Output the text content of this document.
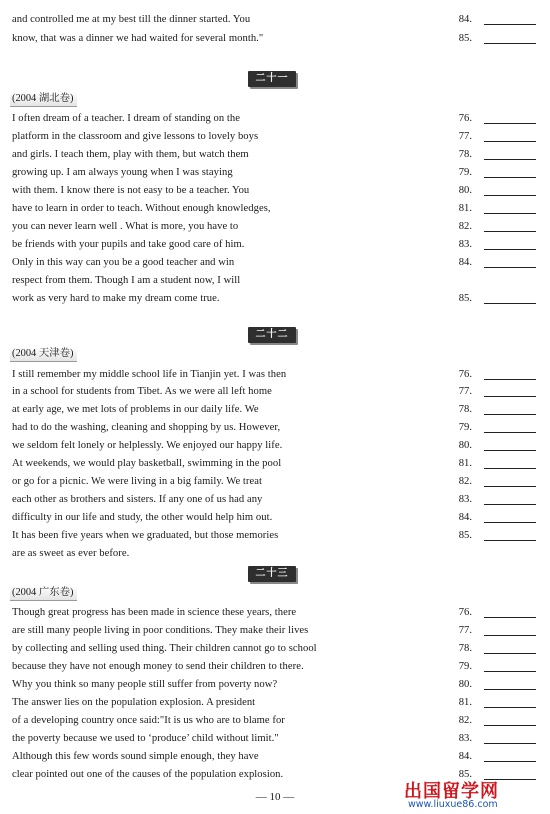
and controlled me at my best till the dinner started. You	84.
know, that was a dinner we had waited for several month."	85.
二十一
(2004 湖北卷)
I often dream of a teacher. I dream of standing on the	76.
platform in the classroom and give lessons to lovely boys	77.
and girls. I teach them, play with them, but watch them	78.
growing up. I am always young when I was staying	79.
with them. I know there is not easy to be a teacher. You	80.
have to learn in order to teach. Without enough knowledges,	81.
you can never learn well . What is more, you have to	82.
be friends with your pupils and take good care of him.	83.
Only in this way can you be a good teacher and win	84.
respect from them. Though I am a student now, I will
work as very hard to make my dream come true.	85.
二十二
(2004 天津卷)
I still remember my middle school life in Tianjin yet. I was then	76.
in a school for students from Tibet. As we were all left home	77.
at early age, we met lots of problems in our daily life. We	78.
had to do the washing, cleaning and shopping by us. However,	79.
we seldom felt lonely or helplessly. We enjoyed our happy life.	80.
At weekends, we would play basketball, swimming in the pool	81.
or go for a picnic. We were living in a big family. We treat	82.
each other as brothers and sisters. If any one of us had any	83.
difficulty in our life and study, the other would help him out.	84.
It has been five years when we graduated, but those memories	85.
are as sweet as ever before.
二十三
(2004 广东卷)
Though great progress has been made in science these years, there	76.
are still many people living in poor conditions. They make their lives	77.
by collecting and selling used thing. Their children cannot go to school	78.
because they have not enough money to send their children to there.	79.
Why you think so many people still suffer from poverty now?	80.
The answer lies on the population explosion. A president	81.
of a developing country once said:"It is us who are to blame for	82.
the poverty because we used to ‘produce’ child without limit."	83.
Although this few words sound simple enough, they have	84.
clear pointed out one of the causes of the population explosion.	85.
— 10 —	出国留学网
www.liuxue86.com
